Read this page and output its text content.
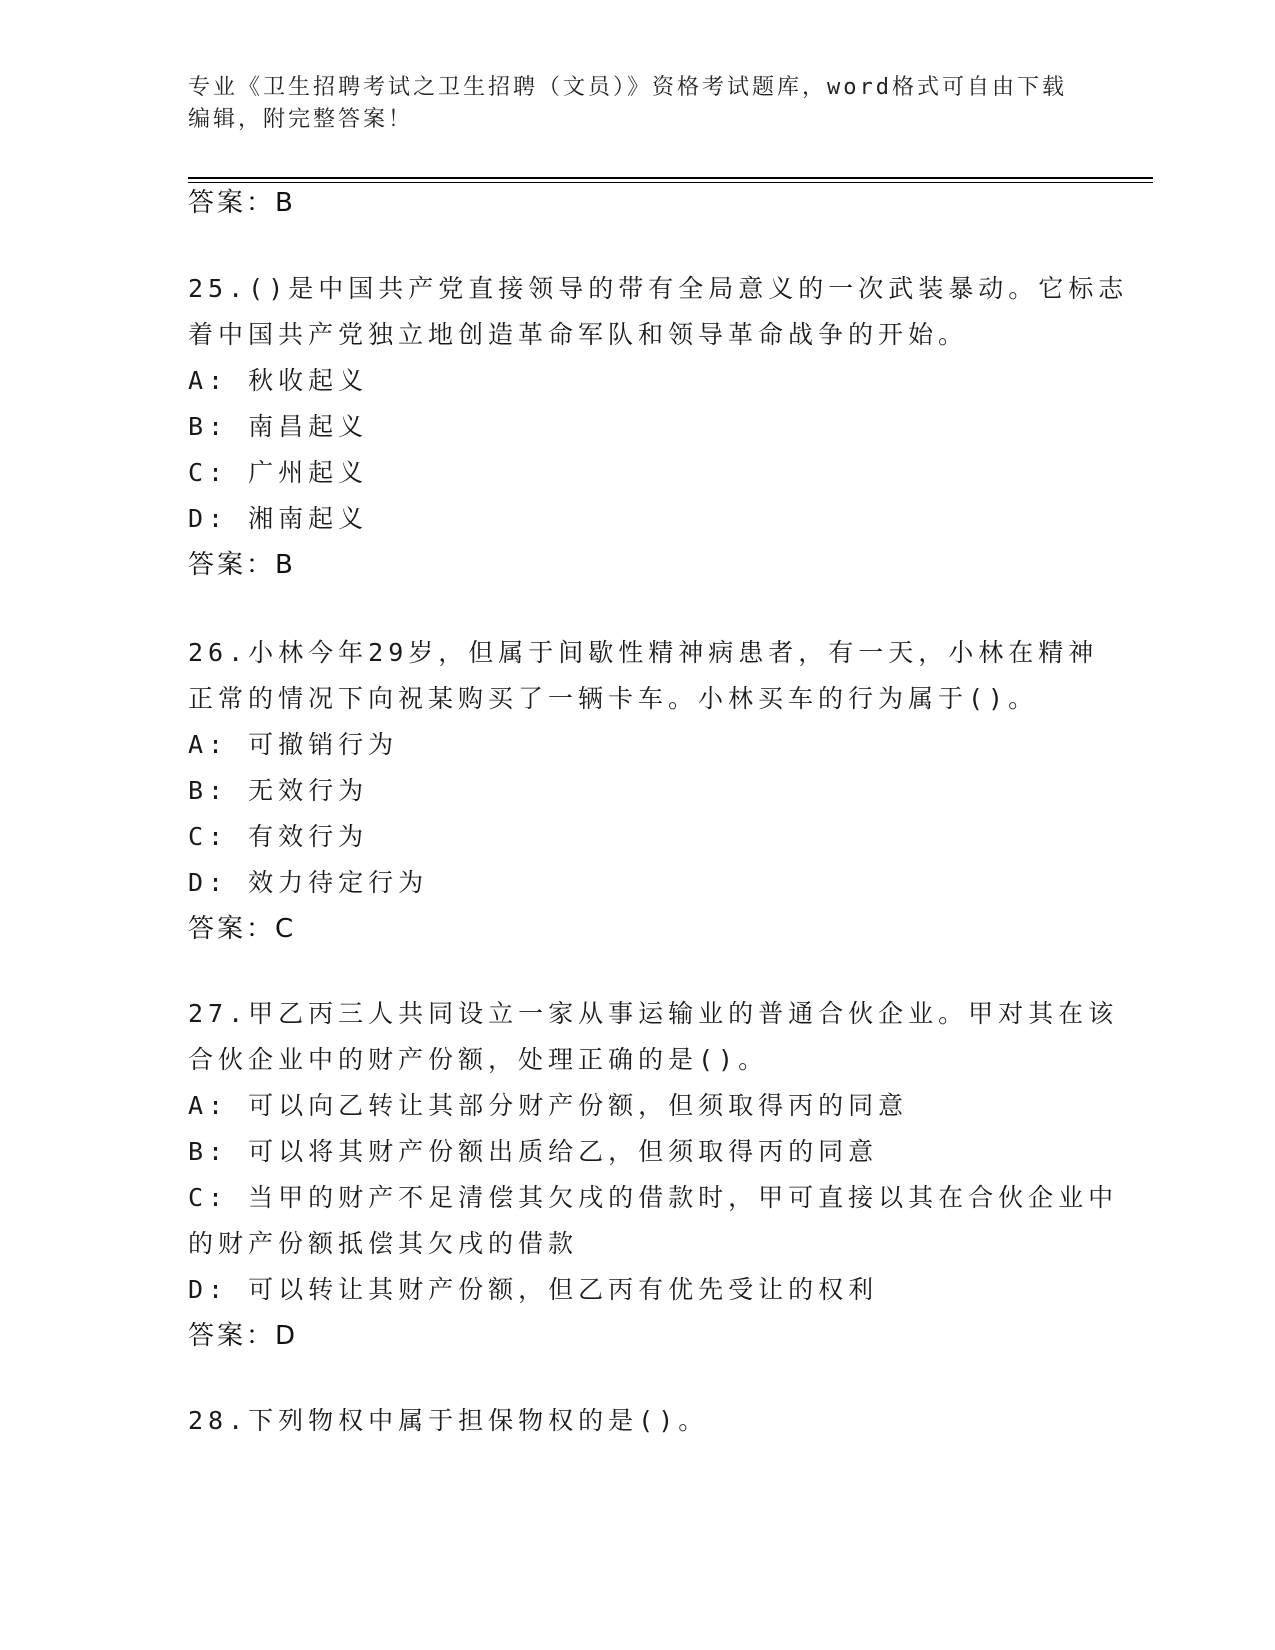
专业《卫生招聘考试之卫生招聘（文员）》资格考试题库，word格式可自由下载
编辑，附完整答案！
答案：B
25.()是中国共产党直接领导的带有全局意义的一次武装暴动。它标志
着中国共产党独立地创造革命军队和领导革命战争的开始。
A: 秋收起义
B: 南昌起义
C: 广州起义
D: 湘南起义
答案：B
26.小林今年29岁，但属于间歇性精神病患者，有一天，小林在精神
正常的情况下向祝某购买了一辆卡车。小林买车的行为属于()。
A: 可撤销行为
B: 无效行为
C: 有效行为
D: 效力待定行为
答案：C
27.甲乙丙三人共同设立一家从事运输业的普通合伙企业。甲对其在该
合伙企业中的财产份额，处理正确的是()。
A: 可以向乙转让其部分财产份额，但须取得丙的同意
B: 可以将其财产份额出质给乙，但须取得丙的同意
C: 当甲的财产不足清偿其欠戌的借款时，甲可直接以其在合伙企业中
的财产份额抵偿其欠戌的借款
D: 可以转让其财产份额，但乙丙有优先受让的权利
答案：D
28.下列物权中属于担保物权的是()。
